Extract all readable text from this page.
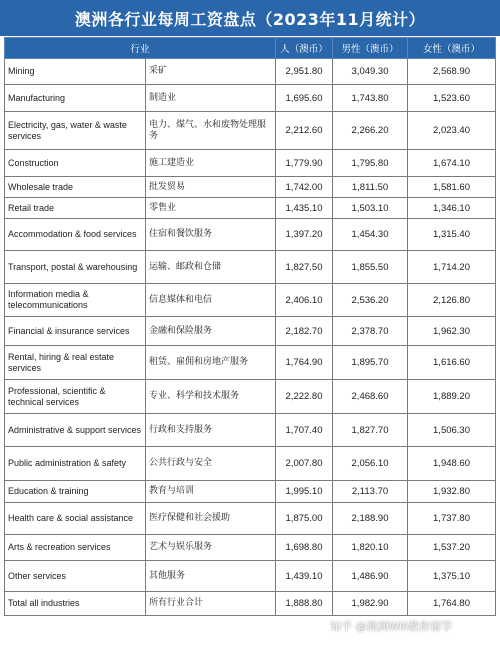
澳洲各行业每周工资盘点（2023年11月统计）
行业		人（澳币）	男性（澳币）	女性（澳币）
Mining	采矿	2,951.80	3,049.30	2,568.90
Manufacturing	制造业	1,695.60	1,743.80	1,523.60
Electricity, gas, water & waste services	电力、煤气、水和废物处理服务	2,212.60	2,266.20	2,023.40
Construction	施工建造业	1,779.90	1,795.80	1,674.10
Wholesale trade	批发贸易	1,742.00	1,811.50	1,581.60
Retail trade	零售业	1,435.10	1,503.10	1,346.10
Accommodation & food services	住宿和餐饮服务	1,397.20	1,454.30	1,315.40
Transport, postal & warehousing	运输、邮政和仓储	1,827.50	1,855.50	1,714.20
Information media & telecommunications	信息媒体和电信	2,406.10	2,536.20	2,126.80
Financial & insurance services	金融和保险服务	2,182.70	2,378.70	1,962.30
Rental, hiring & real estate services	租赁、雇佣和房地产服务	1,764.90	1,895.70	1,616.60
Professional, scientific & technical services	专业、科学和技术服务	2,222.80	2,468.60	1,889.20
Administrative & support services	行政和支持服务	1,707.40	1,827.70	1,506.30
Public administration & safety	公共行政与安全	2,007.80	2,056.10	1,948.60
Education & training	教育与培训	1,995.10	2,113.70	1,932.80
Health care & social assistance	医疗保健和社会援助	1,875.00	2,188.90	1,737.80
Arts & recreation services	艺术与娱乐服务	1,698.80	1,820.10	1,537.20
Other services	其他服务	1,439.10	1,486.90	1,375.10
Total all industries	所有行业合计	1,888.80	1,982.90	1,764.80
知乎 @澳洲Will教你留学
